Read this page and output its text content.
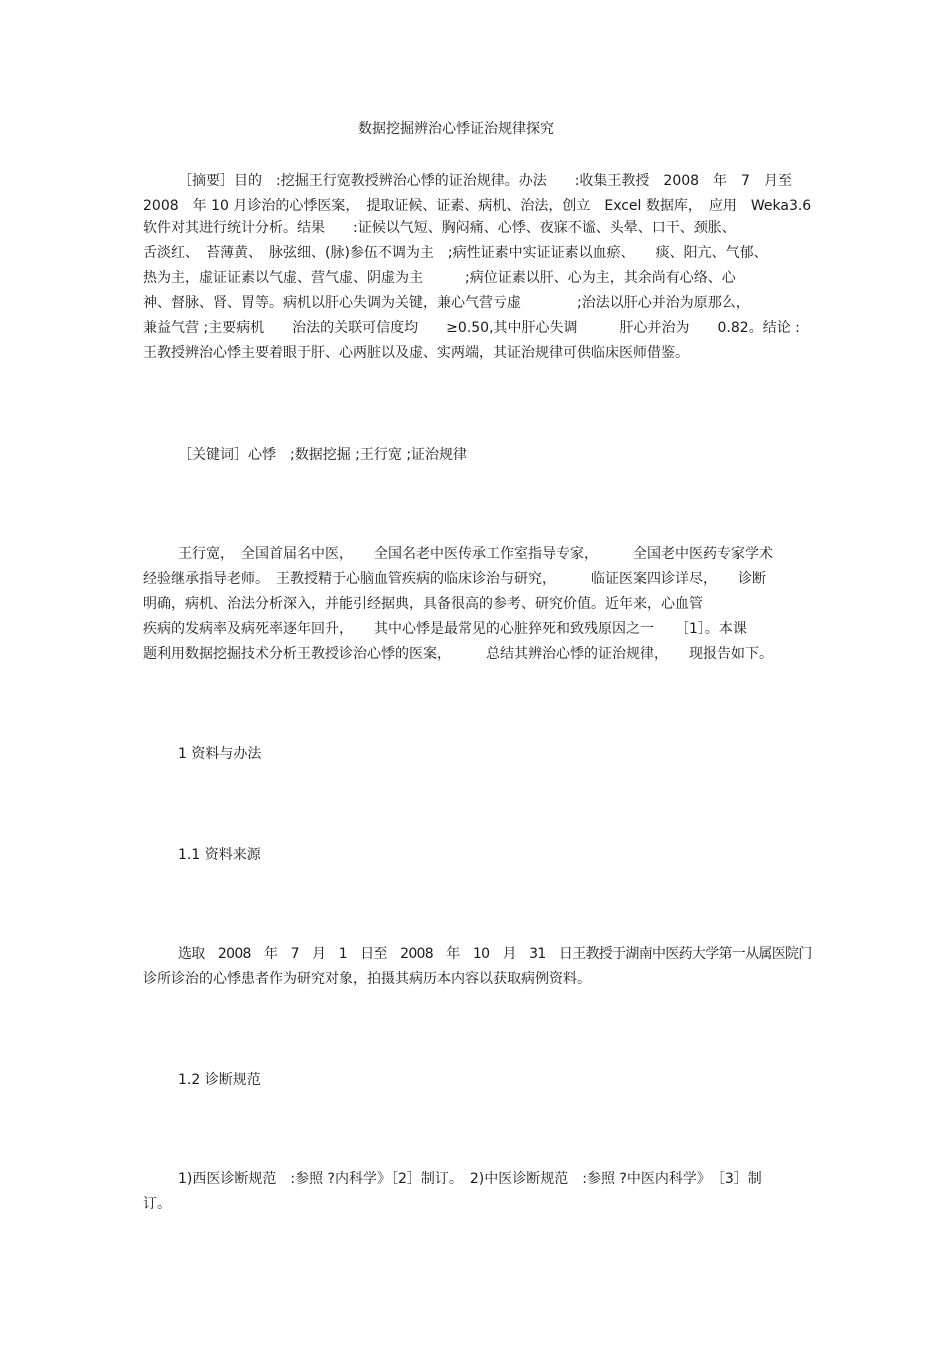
数据挖掘辨治心悸证治规律探究
［摘要］目的　:挖掘王行宽教授辨治心悸的证治规律。办法　　:收集王教授　2008　年　7　月至
2008　年 10 月诊治的心悸医案，　提取证候、证素、病机、治法，创立　Excel 数据库，　应用　Weka3.6
软件对其进行统计分析。结果　　:证候以气短、胸闷痛、心悸、夜寐不谧、头晕、口干、颈胀、
舌淡红、　苔薄黄、　脉弦细、(脉)参伍不调为主　;病性证素中实证证素以血瘀、　　痰、阳亢、气郁、
热为主，虚证证素以气虚、营气虚、阴虚为主　　　;病位证素以肝、心为主，其余尚有心络、心
神、督脉、肾、胃等。病机以肝心失调为关键，兼心气营亏虚　　　　;治法以肝心并治为原那么，
兼益气营 ;主要病机　　治法的关联可信度均　　≥0.50,其中肝心失调　　　肝心并治为　　0.82。结论 :
王教授辨治心悸主要着眼于肝、心两脏以及虚、实两端，其证治规律可供临床医师借鉴。
［关键词］心悸　;数据挖掘 ;王行宽 ;证治规律
王行宽，　全国首届名中医，　　全国名老中医传承工作室指导专家，　　　全国老中医药专家学术
经验继承指导老师。　王教授精于心脑血管疾病的临床诊治与研究，　　　临证医案四诊详尽，　　诊断
明确，病机、治法分析深入，并能引经据典，具备很高的参考、研究价值。近年来，心血管
疾病的发病率及病死率逐年回升，　　其中心悸是最常见的心脏猝死和致残原因之一　　［1］。本课
题利用数据挖掘技术分析王教授诊治心悸的医案，　　　总结其辨治心悸的证治规律，　　现报告如下。
1 资料与办法
1.1 资料来源
选取　2008　年　7　月　1　日至　2008　年　10　月　31　日王教授于湖南中医药大学第一从属医院门
诊所诊治的心悸患者作为研究对象，拍摄其病历本内容以获取病例资料。
1.2 诊断规范
1)西医诊断规范　:参照 ?内科学》［2］制订。　2)中医诊断规范　:参照 ?中医内科学》　［3］制
订。
